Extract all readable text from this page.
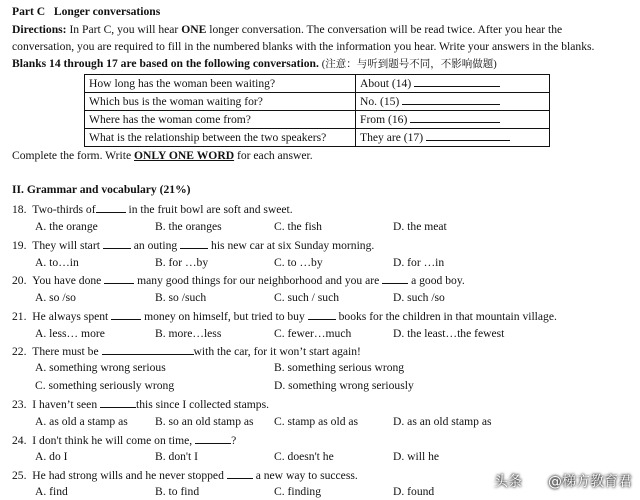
Part C Longer conversations
Directions: In Part C, you will hear ONE longer conversation. The conversation will be read twice. After you hear the
conversation, you are required to fill in the numbered blanks with the information you hear. Write your answers in the blanks.
Blanks 14 through 17 are based on the following conversation. (注意：与听到题号不同，不影响做题)
How long has the woman been waiting?	About (14)
Which bus is the woman waiting for?	No. (15)
Where has the woman come from?	From (16)
What is the relationship between the two speakers?	They are (17)
Complete the form. Write ONLY ONE WORD for each answer.
II. Grammar and vocabulary (21%)
18. Two-thirds of	in the fruit bowl are soft and sweet.
A. the orange	B. the oranges	C. the fish	D. the meat
19. They will start	an outing	his new car at six Sunday morning.
A. to…in	B. for …by	C. to …by	D. for …in
20. You have done	many good things for our neighborhood and you are	a good boy.
A. so /so	B. so /such	C. such / such	D. such /so
21. He always spent	money on himself, but tried to buy	books for the children in that mountain village.
A. less… more	B. more…less	C. fewer…much	D. the least…the fewest
22. There must be	with the car, for it won’t start again!
A. something wrong serious	B. something serious wrong
C. something seriously wrong	D. something wrong seriously
23. I haven’t seen	this since I collected stamps.
A. as old a stamp as B. so an old stamp as C. stamp as old as	D. as an old stamp as
24. I don't think he will come on time,	?
A. do I	B. don't I	C. doesn't he	D. will he
25. He had strong wills and he never stopped	a new way to success.
A. find	B. to find	C. finding	D. found
头条 @梯方教育君
